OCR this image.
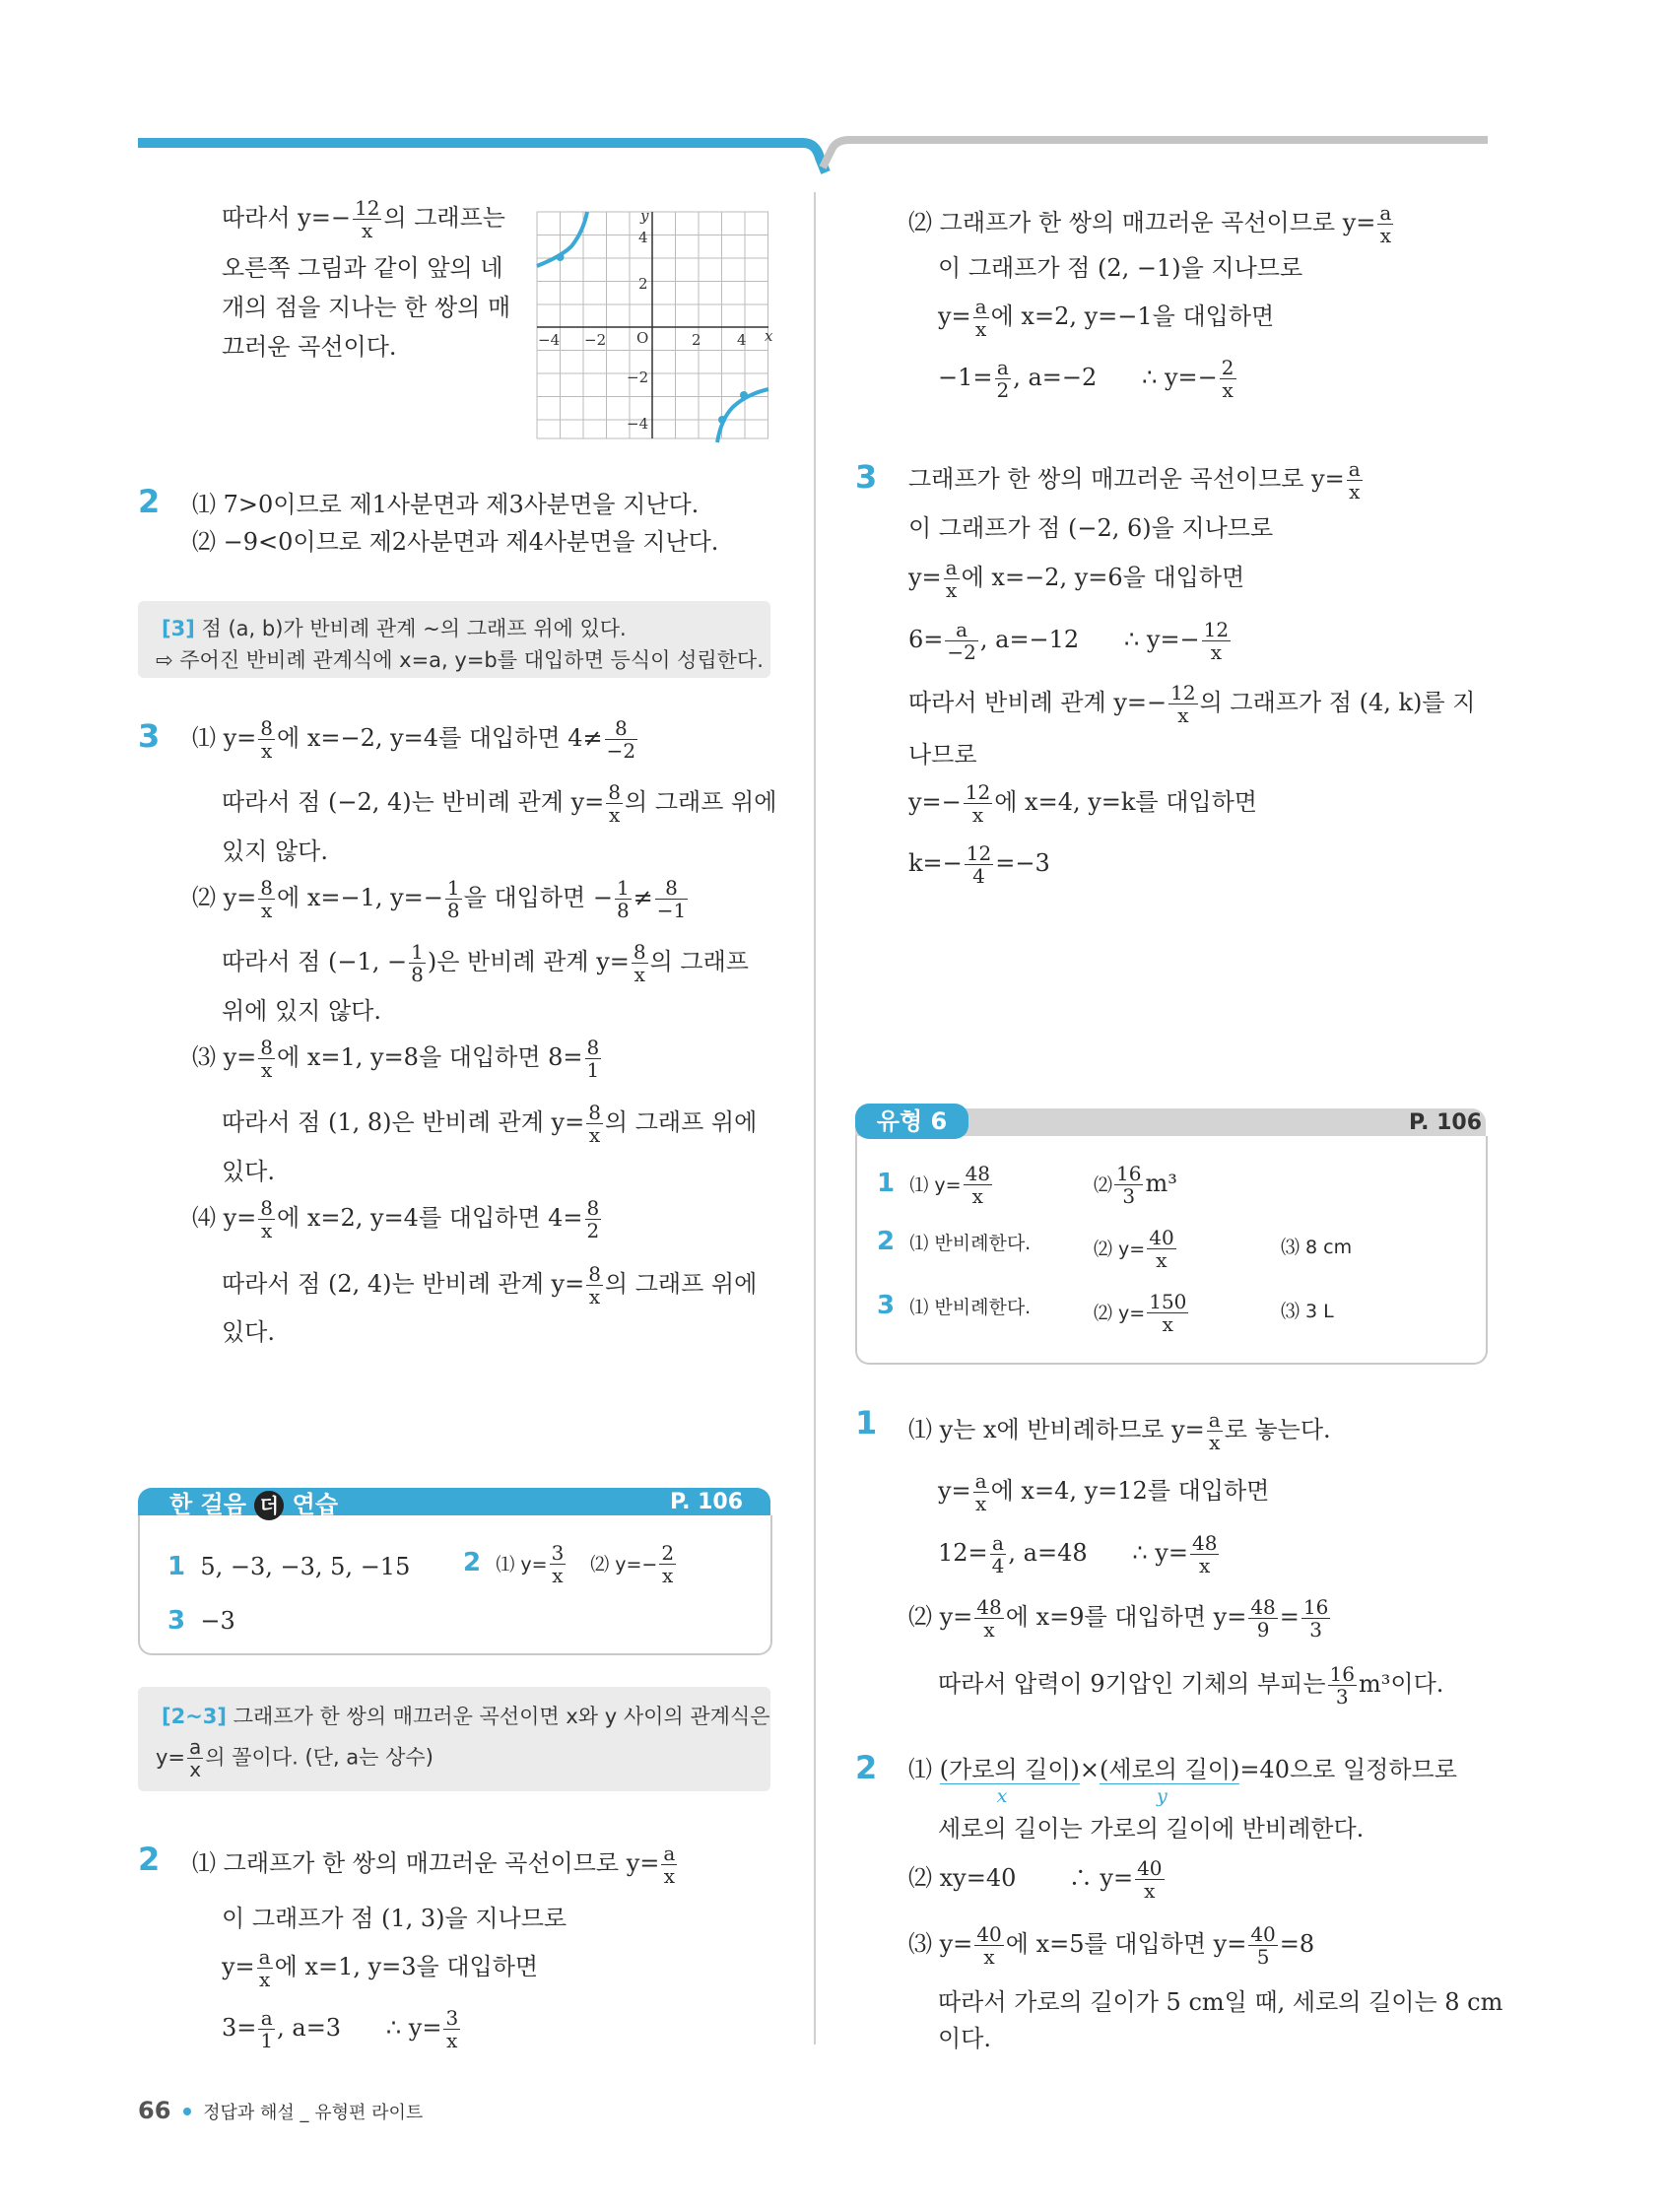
따라서 $y=- \frac{12}{x}$ 의 그래프는
오른쪽 그림과 같이 앞의 네
개의 점을 지나는 한 쌍의 매
끄러운 곡선이다.
y
x
O
4
2
−2
−4
−4 −2	2 4
2 ⑴ 7>0이므로 제1사분면과 제3사분면을 지난다.
⑵ −9<0이므로 제2사분면과 제4사분면을 지난다.
[3] 점 (a, b)가 반비례 관계 ~의 그래프 위에 있다.
⇨ 주어진 반비례 관계식에 x=a, y=b를 대입하면 등식이 성립한다.
3 ⑴ $y= \frac{8}{x}$ 에 x=−2, y=4를 대입하면 $4\ne \frac{8}{-2}$
따라서 점 (−2, 4)는 반비례 관계 $y= \frac{8}{x}$ 의 그래프 위에
있지 않다.
⑵ $y= \frac{8}{x}$ 에 x=−1, $y=- \frac{1}{8}$ 을 대입하면 − $\frac{1}{8} \ne \frac{8}{-1}$
따라서 점 (−1, − $\frac{1}{8}$ )은 반비례 관계 $y= \frac{8}{x}$ 의 그래프
위에 있지 않다.
⑶ $y= \frac{8}{x}$ 에 x=1, y=8을 대입하면 $8= \frac{8}{1}$
따라서 점 (1, 8)은 반비례 관계 $y= \frac{8}{x}$ 의 그래프 위에
있다.
⑷ $y= \frac{8}{x}$ 에 x=2, y=4를 대입하면 $4= \frac{8}{2}$
따라서 점 (2, 4)는 반비례 관계 $y= \frac{8}{x}$ 의 그래프 위에
있다.
한 걸음 더 연습	P. 106
1 5, −3, −3, 5, −15 2 ⑴ $y= \frac{3}{x}$ ⑵ $y=- \frac{2}{x}$
3 −3
[2~3] 그래프가 한 쌍의 매끄러운 곡선이면 x와 y 사이의 관계식은
$y= \frac{a}{x}$ 의 꼴이다. (단, a는 상수)
2 ⑴ 그래프가 한 쌍의 매끄러운 곡선이므로 $y= \frac{a}{x}$
이 그래프가 점 (1, 3)을 지나므로
$y= \frac{a}{x}$ 에 x=1, y=3을 대입하면
$3= \frac{a}{1}$ , a=3 ∴ $y= \frac{3}{x}$
⑵ 그래프가 한 쌍의 매끄러운 곡선이므로 $y= \frac{a}{x}$
이 그래프가 점 (2, −1)을 지나므로
$y= \frac{a}{x}$ 에 x=2, y=−1을 대입하면
$-1= \frac{a}{2}$ , a=−2 ∴ $y=- \frac{2}{x}$
3 그래프가 한 쌍의 매끄러운 곡선이므로 $y= \frac{a}{x}$
이 그래프가 점 (−2, 6)을 지나므로
$y= \frac{a}{x}$ 에 x=−2, y=6을 대입하면
$6= \frac{a}{-2}$ , a=−12 ∴ $y=- \frac{12}{x}$
따라서 반비례 관계 $y=- \frac{12}{x}$ 의 그래프가 점 (4, k)를 지
나므로
$y=- \frac{12}{x}$ 에 x=4, y=k를 대입하면
$k=- \frac{12}{4} =-3$
유형 6	P. 106
1 ⑴ $y= \frac{48}{x}$	⑵ $\frac{16}{3} m^3$
2 ⑴ 반비례한다.	⑵ $y= \frac{40}{x}$	⑶ 8 cm
3 ⑴ 반비례한다.	⑵ $y= \frac{150}{x}$	⑶ 3 L
1 ⑴ y는 x에 반비례하므로 $y= \frac{a}{x}$ 로 놓는다.
$y= \frac{a}{x}$ 에 x=4, y=12를 대입하면
$12= \frac{a}{4}$ , a=48 ∴ $y= \frac{48}{x}$
⑵ $y= \frac{48}{x}$ 에 x=9를 대입하면 $y= \frac{48}{9} = \frac{16}{3}$
따라서 압력이 9기압인 기체의 부피는 $\frac{16}{3} m^3$이다.
2 ⑴ (가로의 길이)
x
×(세로의 길이)
y
=40으로 일정하므로
세로의 길이는 가로의 길이에 반비례한다.
⑵ xy=40 ∴ $y= \frac{40}{x}$
⑶ $y= \frac{40}{x}$ 에 x=5를 대입하면 $y= \frac{40}{5} =8$
따라서 가로의 길이가 5 cm일 때, 세로의 길이는 8 cm
이다.
66 정답과 해설 _ 유형편 라이트
